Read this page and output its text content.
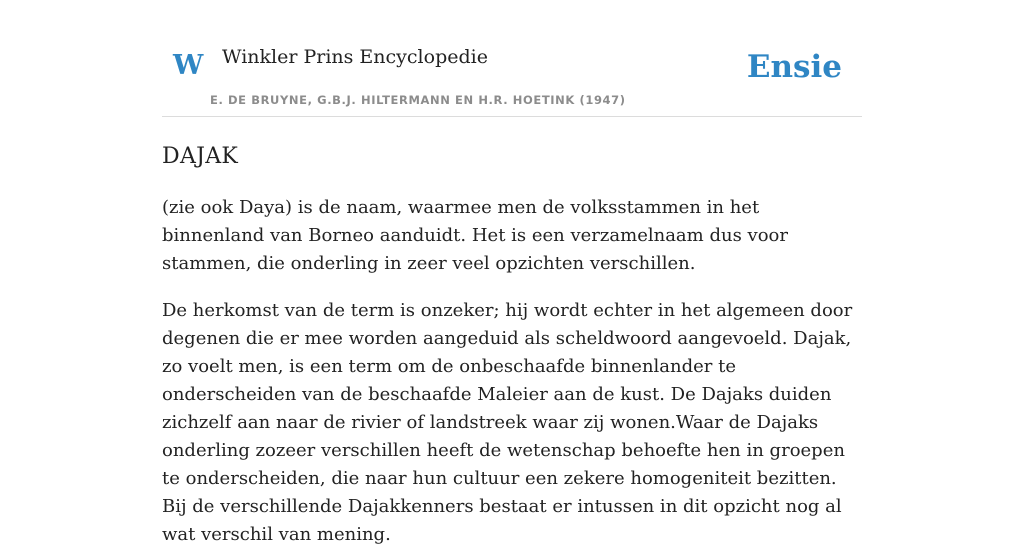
W Winkler Prins Encyclopedie
E. DE BRUYNE, G.B.J. HILTERMANN EN H.R. HOETINK (1947)
Ensie
DAJAK

(zie ook Daya) is de naam, waarmee men de volksstammen in het binnenland van Borneo aanduidt. Het is een verzamelnaam dus voor stammen, die onderling in zeer veel opzichten verschillen.

De herkomst van de term is onzeker; hij wordt echter in het algemeen door degenen die er mee worden aangeduid als scheldwoord aangevoeld. Dajak, zo voelt men, is een term om de onbeschaafde binnenlander te onderscheiden van de beschaafde Maleier aan de kust. De Dajaks duiden zichzelf aan naar de rivier of landstreek waar zij wonen.Waar de Dajaks onderling zozeer verschillen heeft de wetenschap behoefte hen in groepen te onderscheiden, die naar hun cultuur een zekere homogeniteit bezitten. Bij de verschillende Dajakkenners bestaat er intussen in dit opzicht nog al wat verschil van mening.
